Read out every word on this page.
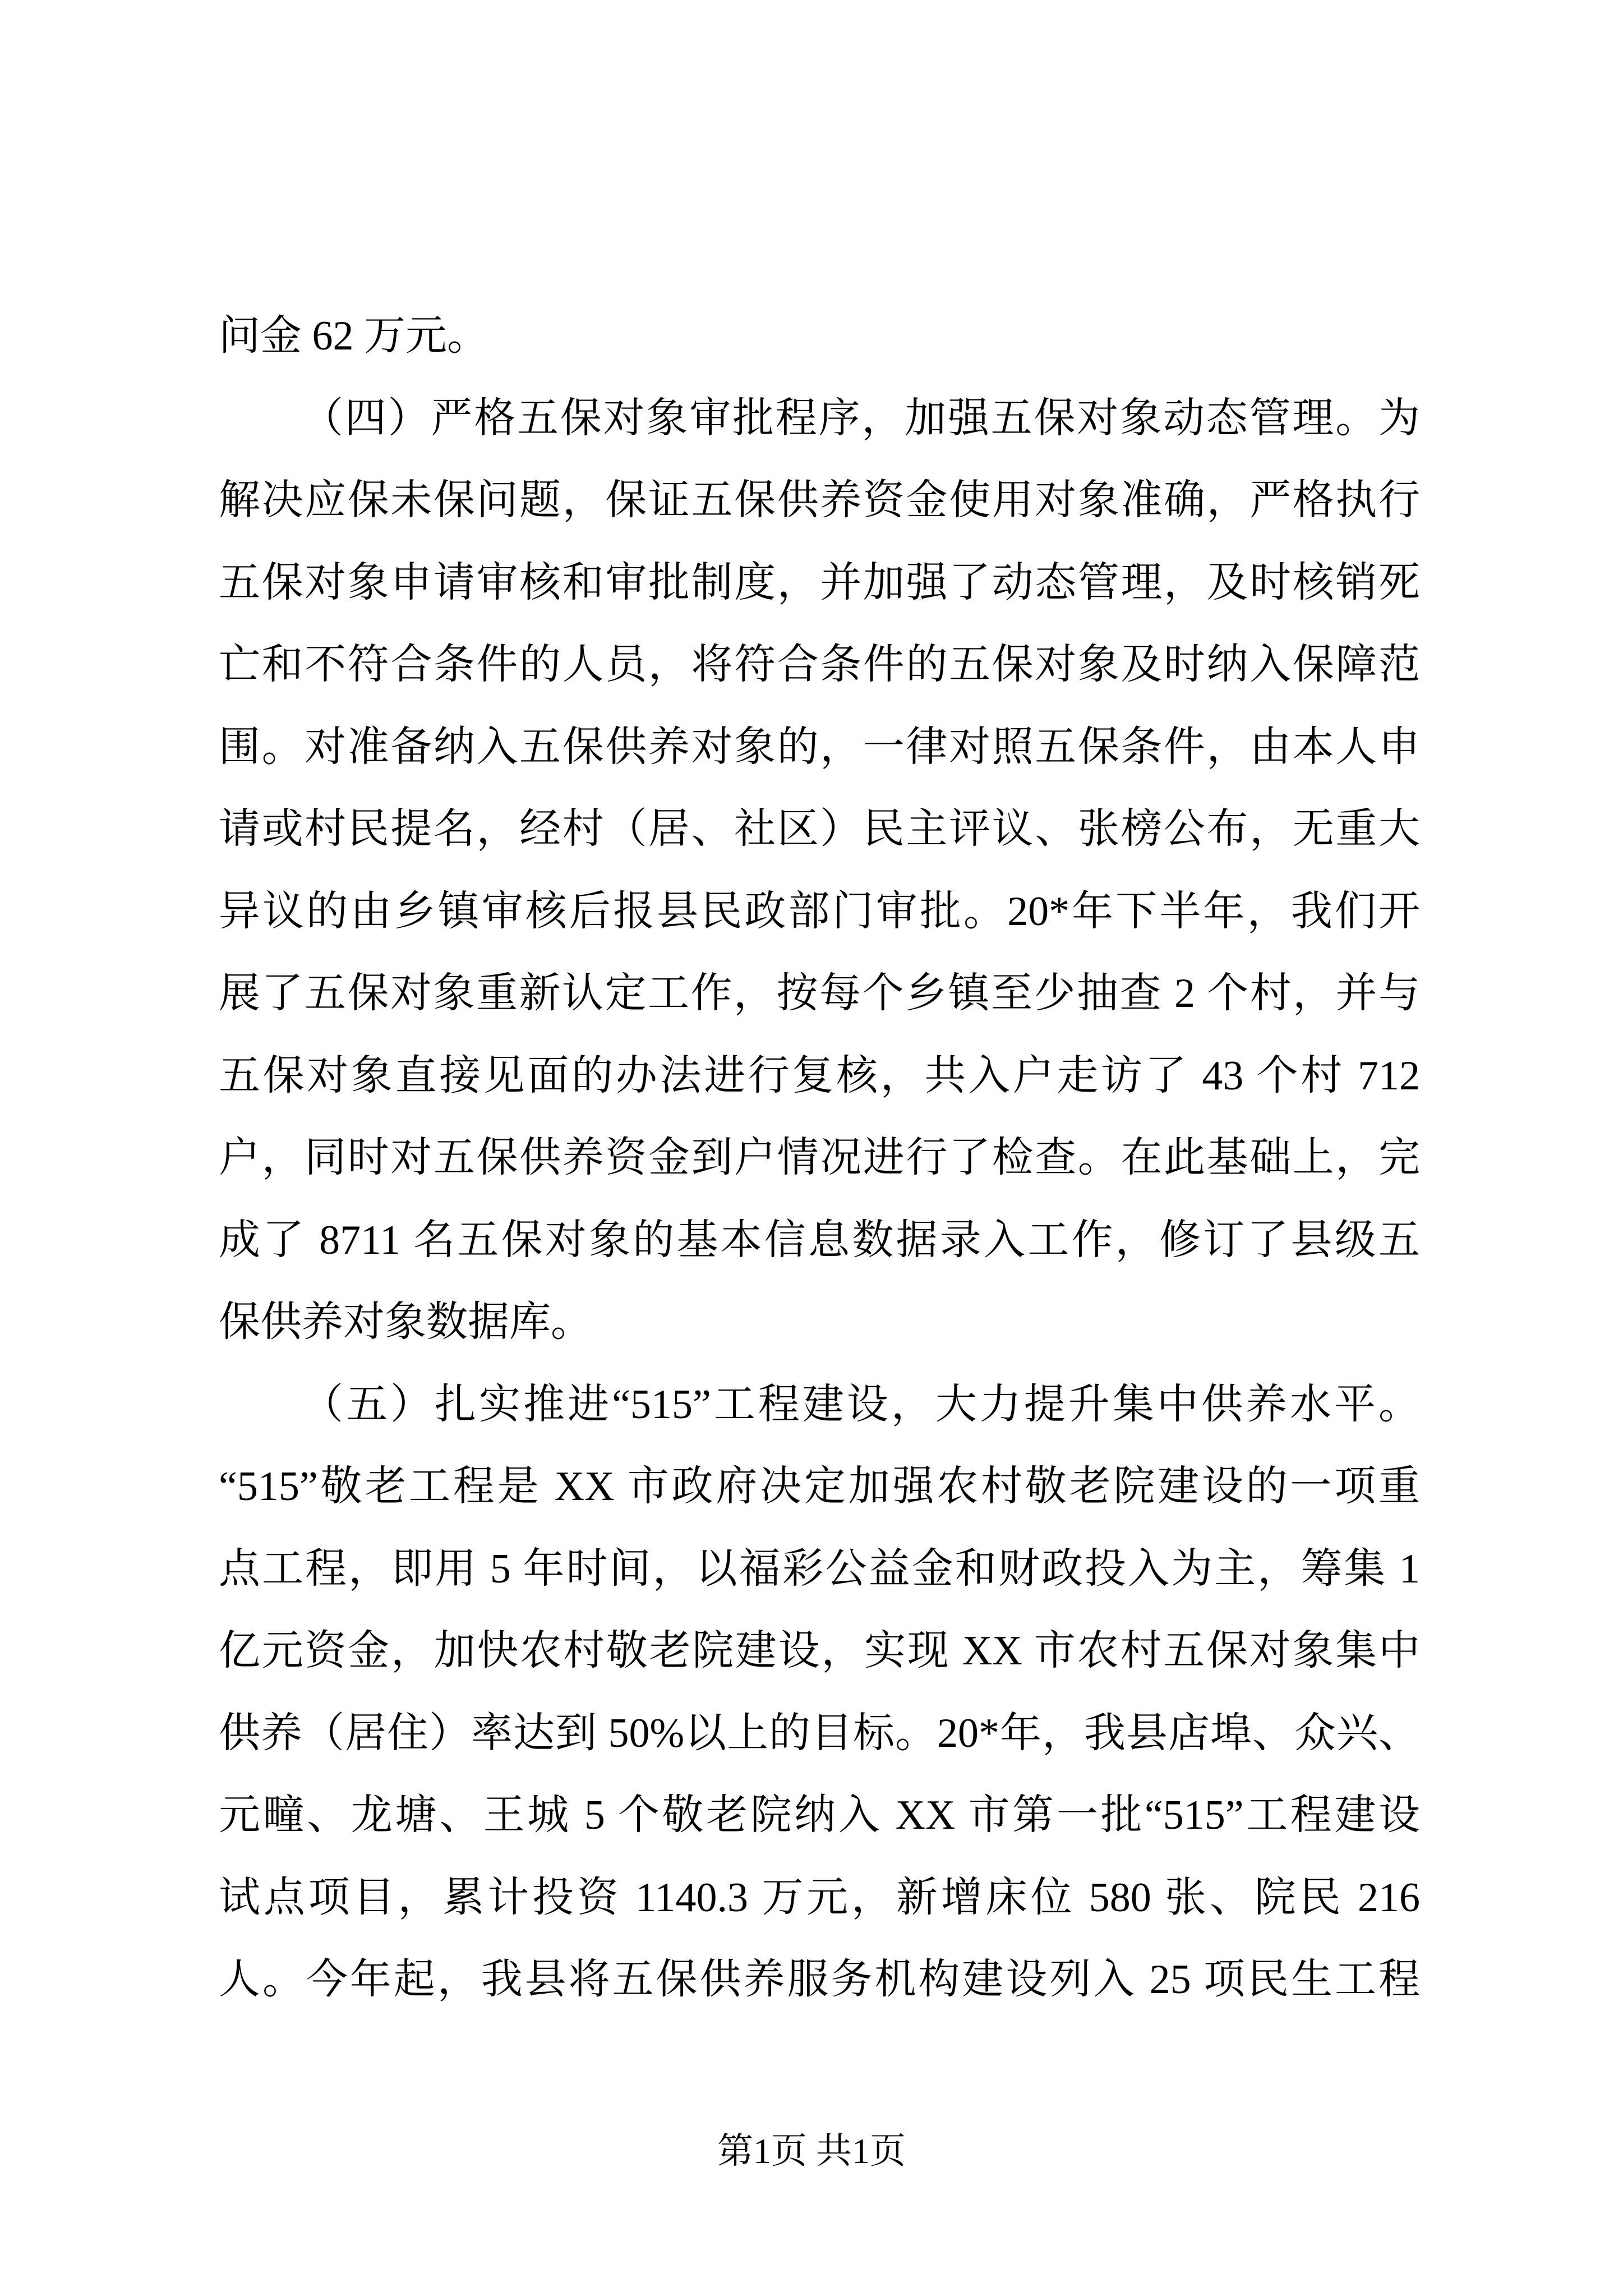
问金 62 万元。
（四）严格五保对象审批程序，加强五保对象动态管理。为
解决应保未保问题，保证五保供养资金使用对象准确，严格执行
五保对象申请审核和审批制度，并加强了动态管理，及时核销死
亡和不符合条件的人员，将符合条件的五保对象及时纳入保障范
围。对准备纳入五保供养对象的，一律对照五保条件，由本人申
请或村民提名，经村（居、社区）民主评议、张榜公布，无重大
异议的由乡镇审核后报县民政部门审批。20*年下半年，我们开
展了五保对象重新认定工作，按每个乡镇至少抽查 2 个村，并与
五保对象直接见面的办法进行复核，共入户走访了 43 个村 712
户，同时对五保供养资金到户情况进行了检查。在此基础上，完
成了 8711 名五保对象的基本信息数据录入工作，修订了县级五
保供养对象数据库。
（五）扎实推进“515”工程建设，大力提升集中供养水平。
“515”敬老工程是 XX 市政府决定加强农村敬老院建设的一项重
点工程，即用 5 年时间，以福彩公益金和财政投入为主，筹集 1
亿元资金，加快农村敬老院建设，实现 XX 市农村五保对象集中
供养（居住）率达到 50%以上的目标。20*年，我县店埠、众兴、
元疃、龙塘、王城 5 个敬老院纳入 XX 市第一批“515”工程建设
试点项目，累计投资 1140.3 万元，新增床位 580 张、院民 216
人。今年起，我县将五保供养服务机构建设列入 25 项民生工程
第1页 共1页
